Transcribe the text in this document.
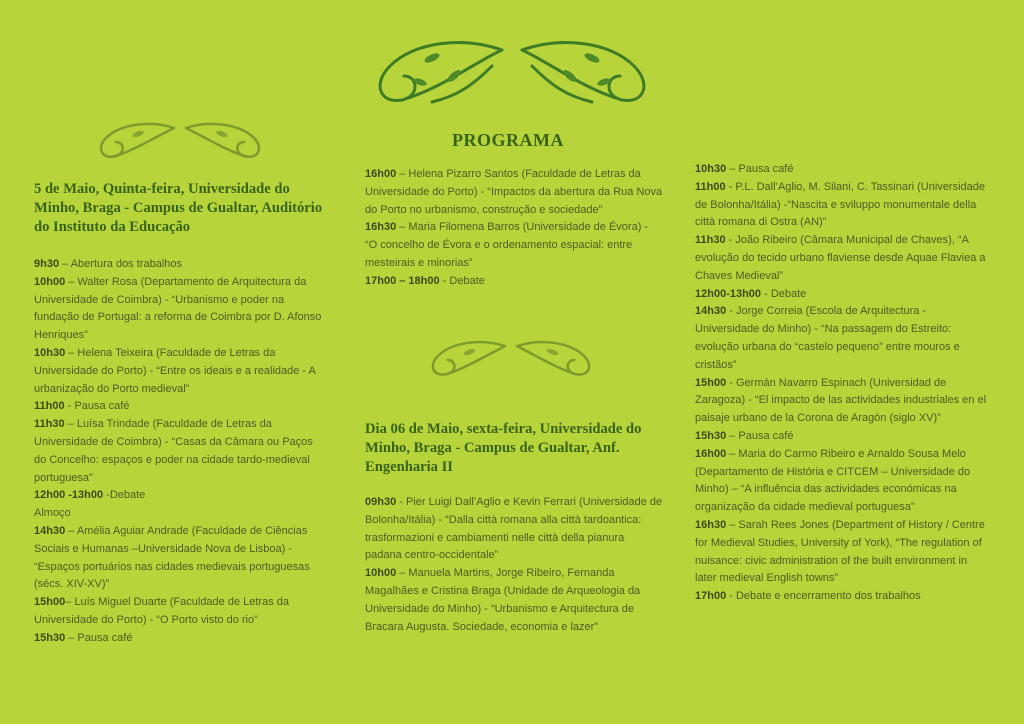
PROGRAMA
5 de Maio, Quinta-feira, Universidade do Minho, Braga - Campus de Gualtar, Auditório do Instituto da Educação
9h30 – Abertura dos trabalhos
10h00 – Walter Rosa (Departamento de Arquitectura da Universidade de Coimbra) - “Urbanismo e poder na fundação de Portugal: a reforma de Coimbra por D. Afonso Henriques”
10h30 – Helena Teixeira (Faculdade de Letras da Universidade do Porto) - “Entre os ideais e a realidade - A urbanização do Porto medieval”
11h00 - Pausa café
11h30 – Luísa Trindade (Faculdade de Letras da Universidade de Coimbra) - “Casas da Câmara ou Paços do Concelho: espaços e poder na cidade tardo-medieval portuguesa”
12h00 -13h00 -Debate
Almoço
14h30 – Amélia Aguiar Andrade (Faculdade de Ciências Sociais e Humanas –Universidade Nova de Lisboa) - “Espaços portuários nas cidades medievais portuguesas (sécs. XIV-XV)”
15h00– Luís Miguel Duarte (Faculdade de Letras da Universidade do Porto) - “O Porto visto do rio”
15h30 – Pausa café
16h00 – Helena Pizarro Santos (Faculdade de Letras da Universidade do Porto) - “Impactos da abertura da Rua Nova do Porto no urbanismo, construção e sociedade”
16h30 – Maria Filomena Barros (Universidade de Évora) - “O concelho de Évora e o ordenamento espacial: entre mesteirais e minorias”
17h00 – 18h00 - Debate
Dia 06 de Maio, sexta-feira, Universidade do Minho, Braga - Campus de Gualtar, Anf. Engenharia II
09h30 - Pier Luigi Dall’Aglio e Kevin Ferrari (Universidade de Bolonha/Itália) - “Dalla città romana alla città tardoantica: trasformazioni e cambiamenti nelle città della pianura padana centro-occidentale”
10h00 – Manuela Martins, Jorge Ribeiro, Fernanda Magalhães e Cristina Braga (Unidade de Arqueologia da Universidade do Minho) - “Urbanismo e Arquitectura de Bracara Augusta. Sociedade, economia e lazer”
10h30 – Pausa café
11h00 - P.L. Dall’Aglio, M. Silani, C. Tassinari (Universidade de Bolonha/Itália) -“Nascita e sviluppo monumentale della città romana di Ostra (AN)”
11h30 - João Ribeiro (Câmara Municipal de Chaves), “A evolução do tecido urbano flaviense desde Aquae Flaviea a Chaves Medieval”
12h00-13h00 - Debate
14h30 - Jorge Correia (Escola de Arquitectura - Universidade do Minho) - “Na passagem do Estreito: evolução urbana do “castelo pequeno” entre mouros e cristãos”
15h00 - Germán Navarro Espinach (Universidad de Zaragoza) - “El impacto de las actividades industriales en el paisaje urbano de la Corona de Aragón (siglo XV)”
15h30 – Pausa café
16h00 – Maria do Carmo Ribeiro e Arnaldo Sousa Melo (Departamento de História e CITCEM – Universidade do Minho) – “A influência das actividades económicas na organização da cidade medieval portuguesa”
16h30 – Sarah Rees Jones (Department of History / Centre for Medieval Studies, University of York), “The regulation of nuisance: civic administration of the built environment in later medieval English towns”
17h00 - Debate e encerramento dos trabalhos
